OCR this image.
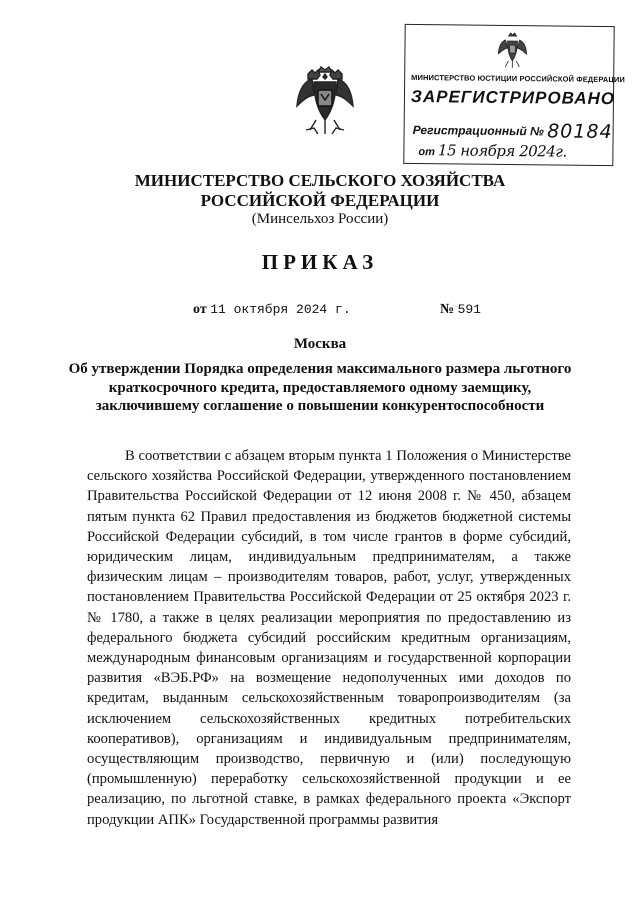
МИНИСТЕРСТВО ЮСТИЦИИ РОССИЙСКОЙ ФЕДЕРАЦИИ
ЗАРЕГИСТРИРОВАНО
Регистрационный № 80184
от 15 ноября 2024г.
МИНИСТЕРСТВО СЕЛЬСКОГО ХОЗЯЙСТВА
РОССИЙСКОЙ ФЕДЕРАЦИИ
(Минсельхоз России)
ПРИКАЗ
от 11 октября 2024 г.	№ 591
Москва
Об утверждении Порядка определения максимального размера льготного краткосрочного кредита, предоставляемого одному заемщику, заключившему соглашение о повышении конкурентоспособности

В соответствии с абзацем вторым пункта 1 Положения о Министерстве сельского хозяйства Российской Федерации, утвержденного постановлением Правительства Российской Федерации от 12 июня 2008 г. № 450, абзацем пятым пункта 62 Правил предоставления из бюджетов бюджетной системы Российской Федерации субсидий, в том числе грантов в форме субсидий, юридическим лицам, индивидуальным предпринимателям, а также физическим лицам – производителям товаров, работ, услуг, утвержденных постановлением Правительства Российской Федерации от 25 октября 2023 г. № 1780, а также в целях реализации мероприятия по предоставлению из федерального бюджета субсидий российским кредитным организациям, международным финансовым организациям и государственной корпорации развития «ВЭБ.РФ» на возмещение недополученных ими доходов по кредитам, выданным сельскохозяйственным товаропроизводителям (за исключением сельскохозяйственных кредитных потребительских кооперативов), организациям и индивидуальным предпринимателям, осуществляющим производство, первичную и (или) последующую (промышленную) переработку сельскохозяйственной продукции и ее реализацию, по льготной ставке, в рамках федерального проекта «Экспорт продукции АПК» Государственной программы развития
